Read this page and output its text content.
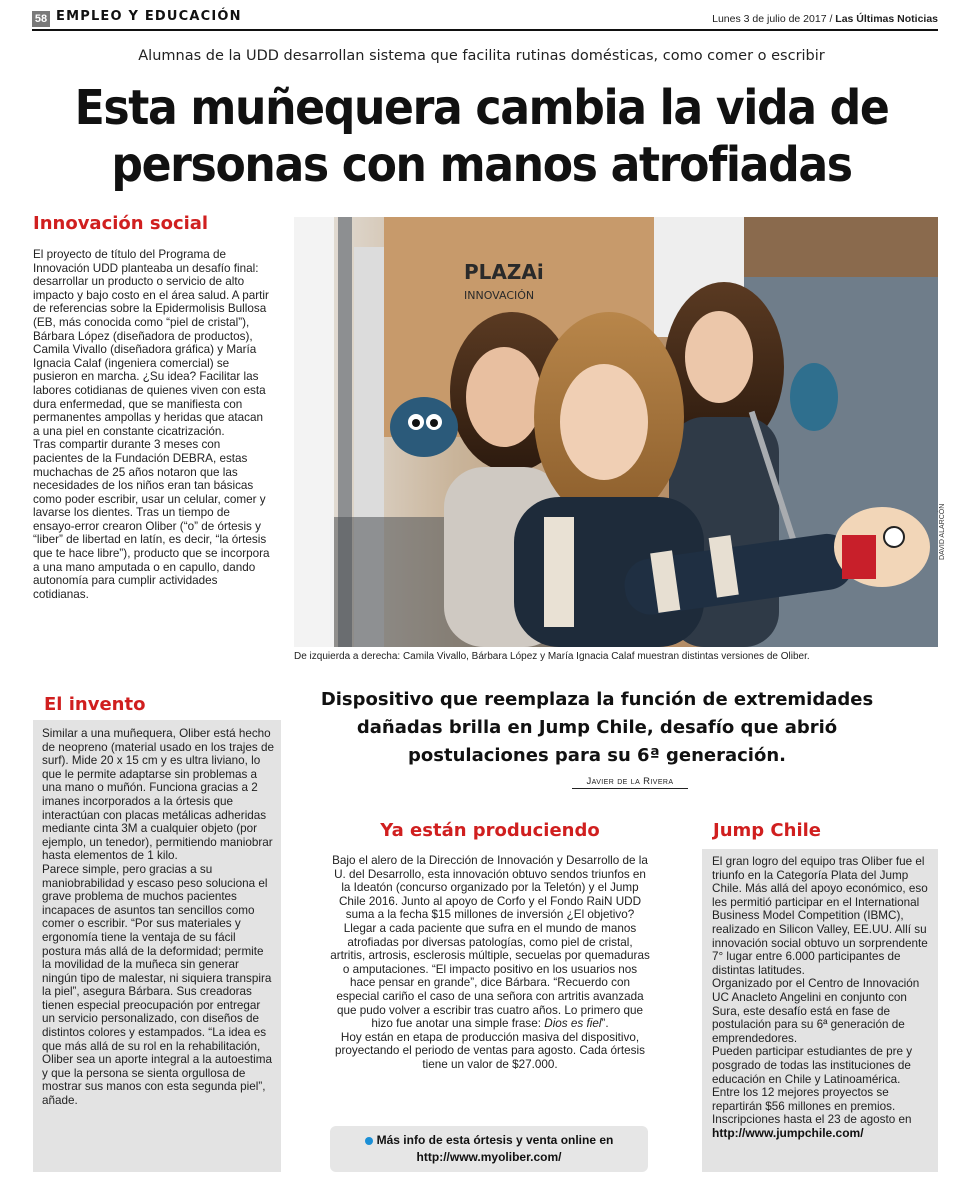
58 EMPLEO Y EDUCACIÓN	Lunes 3 de julio de 2017 / Las Últimas Noticias
Alumnas de la UDD desarrollan sistema que facilita rutinas domésticas, como comer o escribir
Esta muñequera cambia la vida de personas con manos atrofiadas
Innovación social

El proyecto de título del Programa de Innovación UDD planteaba un desafío final: desarrollar un producto o servicio de alto impacto y bajo costo en el área salud. A partir de referencias sobre la Epidermolisis Bullosa (EB, más conocida como “piel de cristal”), Bárbara López (diseñadora de productos), Camila Vivallo (diseñadora gráfica) y María Ignacia Calaf (ingeniera comercial) se pusieron en marcha. ¿Su idea? Facilitar las labores cotidianas de quienes viven con esta dura enfermedad, que se manifiesta con permanentes ampollas y heridas que atacan a una piel en constante cicatrización.

Tras compartir durante 3 meses con pacientes de la Fundación DEBRA, estas muchachas de 25 años notaron que las necesidades de los niños eran tan básicas como poder escribir, usar un celular, comer y lavarse los dientes. Tras un tiempo de ensayo-error crearon Oliber (“o” de órtesis y “liber” de libertad en latín, es decir, “la órtesis que te hace libre”), producto que se incorpora a una mano amputada o en capullo, dando autonomía para cumplir actividades cotidianas.

PLAZAi
INNOVACIÓN
DAVID ALARCÓN
De izquierda a derecha: Camila Vivallo, Bárbara López y María Ignacia Calaf muestran distintas versiones de Oliber.
El invento

Similar a una muñequera, Oliber está hecho de neopreno (material usado en los trajes de surf). Mide 20 x 15 cm y es ultra liviano, lo que le permite adaptarse sin problemas a una mano o muñón. Funciona gracias a 2 imanes incorporados a la órtesis que interactúan con placas metálicas adheridas mediante cinta 3M a cualquier objeto (por ejemplo, un tenedor), permitiendo maniobrar hasta elementos de 1 kilo.

Parece simple, pero gracias a su maniobrabilidad y escaso peso soluciona el grave problema de muchos pacientes incapaces de asuntos tan sencillos como comer o escribir. “Por sus materiales y ergonomía tiene la ventaja de su fácil postura más allá de la deformidad; permite la movilidad de la muñeca sin generar ningún tipo de malestar, ni siquiera transpira la piel”, asegura Bárbara. Sus creadoras tienen especial preocupación por entregar un servicio personalizado, con diseños de distintos colores y estampados. “La idea es que más allá de su rol en la rehabilitación, Oliber sea un aporte integral a la autoestima y que la persona se sienta orgullosa de mostrar sus manos con esta segunda piel”, añade.

Dispositivo que reemplaza la función de extremidades dañadas brilla en Jump Chile, desafío que abrió postulaciones para su 6ª generación.
Javier de la Rivera
Ya están produciendo

Bajo el alero de la Dirección de Innovación y Desarrollo de la U. del Desarrollo, esta innovación obtuvo sendos triunfos en la Ideatón (concurso organizado por la Teletón) y el Jump Chile 2016. Junto al apoyo de Corfo y el Fondo RaiN UDD suma a la fecha $15 millones de inversión ¿El objetivo? Llegar a cada paciente que sufra en el mundo de manos atrofiadas por diversas patologías, como piel de cristal, artritis, artrosis, esclerosis múltiple, secuelas por quemaduras o amputaciones. “El impacto positivo en los usuarios nos hace pensar en grande”, dice Bárbara. “Recuerdo con especial cariño el caso de una señora con artritis avanzada que pudo volver a escribir tras cuatro años. Lo primero que hizo fue anotar una simple frase: Dios es fiel”.

Hoy están en etapa de producción masiva del dispositivo, proyectando el periodo de ventas para agosto. Cada órtesis tiene un valor de $27.000.

Más info de esta órtesis y venta online en
http://www.myoliber.com/
Jump Chile

El gran logro del equipo tras Oliber fue el triunfo en la Categoría Plata del Jump Chile. Más allá del apoyo económico, eso les permitió participar en el International Business Model Competition (IBMC), realizado en Silicon Valley, EE.UU. Allí su innovación social obtuvo un sorprendente 7° lugar entre 6.000 participantes de distintas latitudes.

Organizado por el Centro de Innovación UC Anacleto Angelini en conjunto con Sura, este desafío está en fase de postulación para su 6ª generación de emprendedores.

Pueden participar estudiantes de pre y posgrado de todas las instituciones de educación en Chile y Latinoamérica.

Entre los 12 mejores proyectos se repartirán $56 millones en premios. Inscripciones hasta el 23 de agosto en

http://www.jumpchile.com/
